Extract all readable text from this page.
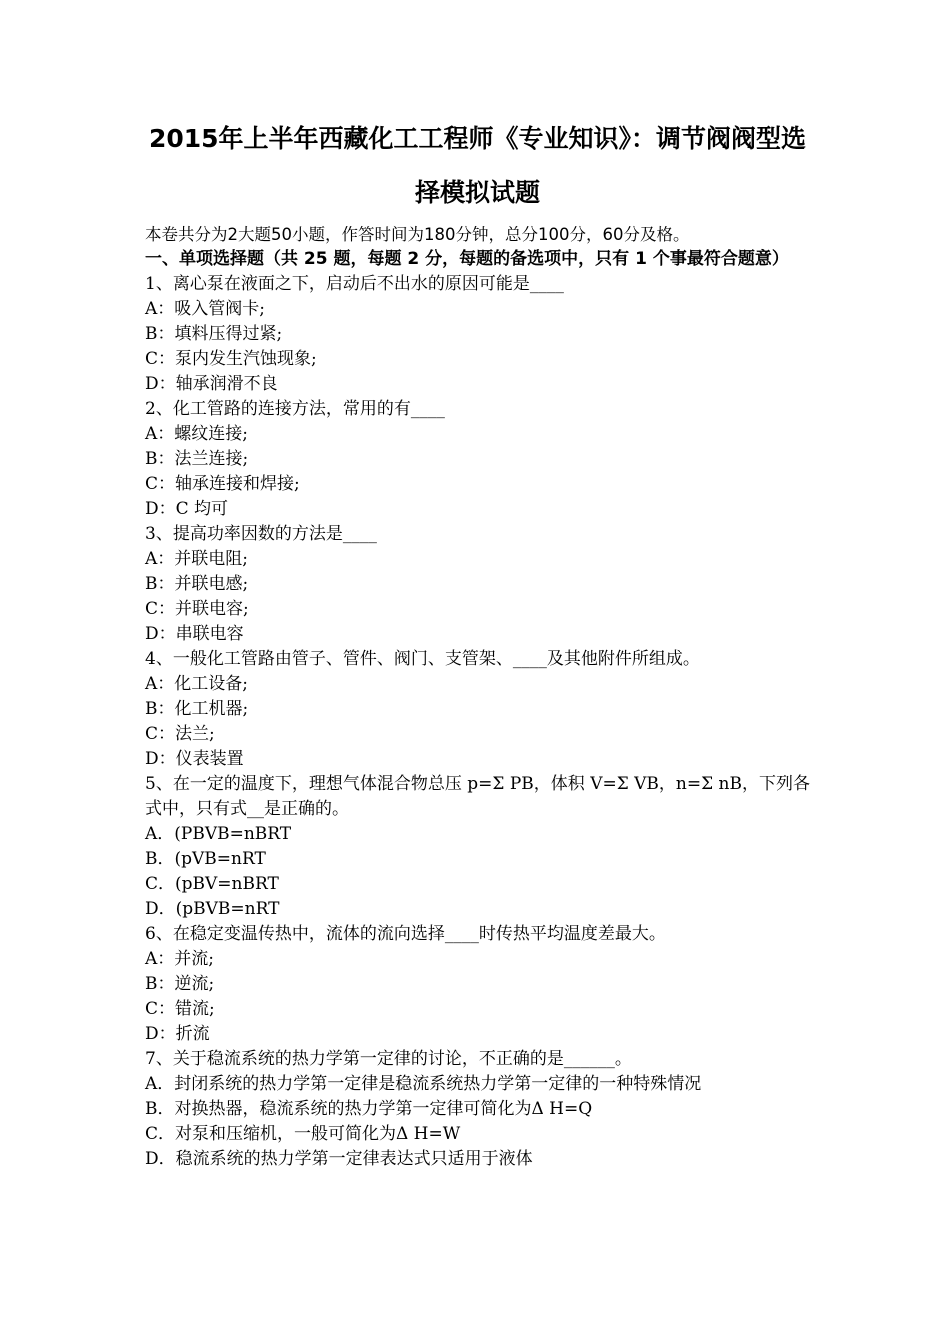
2015年上半年西藏化工工程师《专业知识》：调节阀阀型选
择模拟试题
本卷共分为2大题50小题，作答时间为180分钟，总分100分，60分及格。
一、单项选择题（共 25 题，每题 2 分，每题的备选项中，只有 1 个事最符合题意）
1、离心泵在液面之下，启动后不出水的原因可能是____
A：吸入管阀卡;
B：填料压得过紧;
C：泵内发生汽蚀现象;
D：轴承润滑不良
2、化工管路的连接方法，常用的有____
A：螺纹连接;
B：法兰连接;
C：轴承连接和焊接;
D：C 均可
3、提高功率因数的方法是____
A：并联电阻;
B：并联电感;
C：并联电容;
D：串联电容
4、一般化工管路由管子、管件、阀门、支管架、____及其他附件所组成。
A：化工设备;
B：化工机器;
C：法兰;
D：仪表装置
5、在一定的温度下，理想气体混合物总压 p=Σ PB，体积 V=Σ VB，n=Σ nB，下列各式中，只有式__是正确的。
A．(PBVB=nBRT
B．(pVB=nRT
C．(pBV=nBRT
D．(pBVB=nRT
6、在稳定变温传热中，流体的流向选择____时传热平均温度差最大。
A：并流;
B：逆流;
C：错流;
D：折流
7、关于稳流系统的热力学第一定律的讨论，不正确的是______。
A．封闭系统的热力学第一定律是稳流系统热力学第一定律的一种特殊情况
B．对换热器，稳流系统的热力学第一定律可简化为Δ H=Q
C．对泵和压缩机，一般可简化为Δ H=W
D．稳流系统的热力学第一定律表达式只适用于液体
